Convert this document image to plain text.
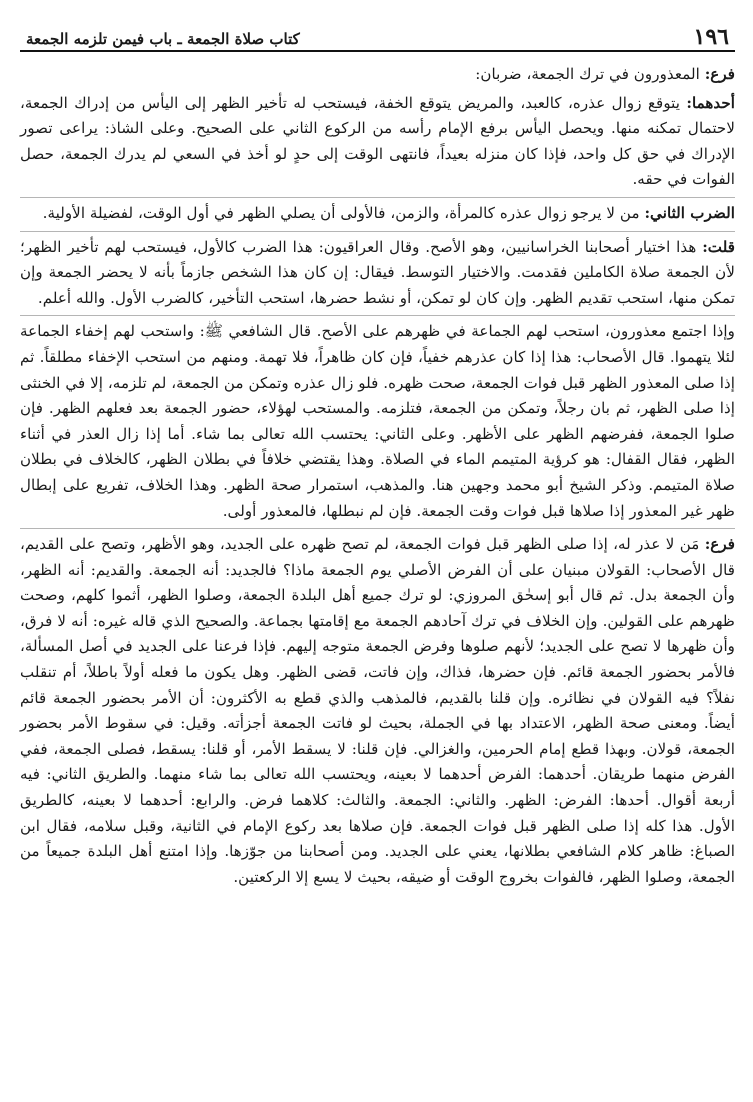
١٩٦
كتاب صلاة الجمعة ـ باب فيمن تلزمه الجمعة

فرع: المعذورون في ترك الجمعة، ضربان:

أحدهما: يتوقع زوال عذره، كالعبد، والمريض يتوقع الخفة، فيستحب له تأخير الظهر إلى اليأس من إدراك الجمعة، لاحتمال تمكنه منها. ويحصل اليأس برفع الإمام رأسه من الركوع الثاني على الصحيح. وعلى الشاذ: يراعى تصور الإدراك في حق كل واحد، فإذا كان منزله بعيداً، فانتهى الوقت إلى حدٍ لو أخذ في السعي لم يدرك الجمعة، حصل الفوات في حقه.

الضرب الثاني: من لا يرجو زوال عذره كالمرأة، والزمن، فالأولى أن يصلي الظهر في أول الوقت، لفضيلة الأولية.

قلت: هذا اختيار أصحابنا الخراسانيين، وهو الأصح. وقال العراقيون: هذا الضرب كالأول، فيستحب لهم تأخير الظهر؛ لأن الجمعة صلاة الكاملين فقدمت. والاختيار التوسط. فيقال: إن كان هذا الشخص جازماً بأنه لا يحضر الجمعة وإن تمكن منها، استحب تقديم الظهر. وإن كان لو تمكن، أو نشط حضرها، استحب التأخير، كالضرب الأول. والله أعلم.

وإذا اجتمع معذورون، استحب لهم الجماعة في ظهرهم على الأصح. قال الشافعي ﷺ: واستحب لهم إخفاء الجماعة لئلا يتهموا. قال الأصحاب: هذا إذا كان عذرهم خفياً، فإن كان ظاهراً، فلا تهمة. ومنهم من استحب الإخفاء مطلقاً. ثم إذا صلى المعذور الظهر قبل فوات الجمعة، صحت ظهره. فلو زال عذره وتمكن من الجمعة، لم تلزمه، إلا في الخنثى إذا صلى الظهر، ثم بان رجلاً، وتمكن من الجمعة، فتلزمه. والمستحب لهؤلاء، حضور الجمعة بعد فعلهم الظهر. فإن صلوا الجمعة، ففرضهم الظهر على الأظهر. وعلى الثاني: يحتسب الله تعالى بما شاء. أما إذا زال العذر في أثناء الظهر، فقال القفال: هو كرؤية المتيمم الماء في الصلاة. وهذا يقتضي خلافاً في بطلان الظهر، كالخلاف في بطلان صلاة المتيمم. وذكر الشيخ أبو محمد وجهين هنا. والمذهب، استمرار صحة الظهر. وهذا الخلاف، تفريع على إبطال ظهر غير المعذور إذا صلاها قبل فوات وقت الجمعة. فإن لم نبطلها، فالمعذور أولى.

فرع: مَن لا عذر له، إذا صلى الظهر قبل فوات الجمعة، لم تصح ظهره على الجديد، وهو الأظهر، وتصح على القديم، قال الأصحاب: القولان مبنيان على أن الفرض الأصلي يوم الجمعة ماذا؟ فالجديد: أنه الجمعة. والقديم: أنه الظهر، وأن الجمعة بدل. ثم قال أبو إسحٰق المروزي: لو ترك جميع أهل البلدة الجمعة، وصلوا الظهر، أثموا كلهم، وصحت ظهرهم على القولين. وإن الخلاف في ترك آحادهم الجمعة مع إقامتها بجماعة. والصحيح الذي قاله غيره: أنه لا فرق، وأن ظهرها لا تصح على الجديد؛ لأنهم صلوها وفرض الجمعة متوجه إليهم. فإذا فرعنا على الجديد في أصل المسألة، فالأمر بحضور الجمعة قائم. فإن حضرها، فذاك، وإن فاتت، قضى الظهر. وهل يكون ما فعله أولاً باطلاً، أم تنقلب نفلاً؟ فيه القولان في نظائره. وإن قلنا بالقديم، فالمذهب والذي قطع به الأكثرون: أن الأمر بحضور الجمعة قائم أيضاً. ومعنى صحة الظهر، الاعتداد بها في الجملة، بحيث لو فاتت الجمعة أجزأته. وقيل: في سقوط الأمر بحضور الجمعة، قولان. وبهذا قطع إمام الحرمين، والغزالي. فإن قلنا: لا يسقط الأمر، أو قلنا: يسقط، فصلى الجمعة، ففي الفرض منهما طريقان. أحدهما: الفرض أحدهما لا بعينه، ويحتسب الله تعالى بما شاء منهما. والطريق الثاني: فيه أربعة أقوال. أحدها: الفرض: الظهر. والثاني: الجمعة. والثالث: كلاهما فرض. والرابع: أحدهما لا بعينه، كالطريق الأول. هذا كله إذا صلى الظهر قبل فوات الجمعة. فإن صلاها بعد ركوع الإمام في الثانية، وقبل سلامه، فقال ابن الصباغ: ظاهر كلام الشافعي بطلانها، يعني على الجديد. ومن أصحابنا من جوّزها. وإذا امتنع أهل البلدة جميعاً من الجمعة، وصلوا الظهر، فالفوات بخروج الوقت أو ضيقه، بحيث لا يسع إلا الركعتين.
